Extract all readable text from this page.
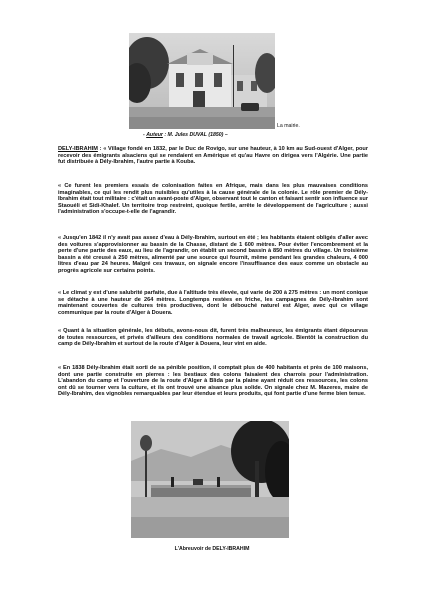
La mairie.
- Auteur : M. Jules DUVAL (1850) –
DELY-IBRAHIM : « Village fondé en 1832, par le Duc de Rovigo, sur une hauteur, à 10 km au Sud-ouest d'Alger, pour recevoir des émigrants alsaciens qui se rendaient en Amérique et qu'au Havre on dirigea vers l'Algérie. Une partie fut distribuée à Dély-Ibrahim, l'autre partie à Kouba.
« Ce furent les premiers essais de colonisation faites en Afrique, mais dans les plus mauvaises conditions imaginables, ce qui les rendit plus nuisibles qu'utiles à la cause générale de la colonie. Le rôle premier de Dély-Ibrahim était tout militaire : c'était un avant-poste d'Alger, observant tout le canton et faisant sentir son influence sur Staouéli et Sidi-Khalef. Un territoire trop restreint, quoique fertile, arrête le développement de l'agriculture ; aussi l'administration s'occupe-t-elle de l'agrandir.
« Jusqu'en 1842 il n'y avait pas assez d'eau à Dély-Ibrahim, surtout en été ; les habitants étaient obligés d'aller avec des voitures s'approvisionner au bassin de la Chasse, distant de 1 600 mètres. Pour éviter l'encombrement et la perte d'une partie des eaux, au lieu de l'agrandir, on établit un second bassin à 850 mètres du village. Un troisième bassin a été creusé à 250 mètres, alimenté par une source qui fournit, même pendant les grandes chaleurs, 4 000 litres d'eau par 24 heures. Malgré ces travaux, on signale encore l'insuffisance des eaux comme un obstacle au progrès agricole sur certains points.
« Le climat y est d'une salubrité parfaite, due à l'altitude très élevée, qui varie de 200 à 275 mètres : un mont conique se détache à une hauteur de 264 mètres. Longtemps restées en friche, les campagnes de Dély-Ibrahim sont maintenant couvertes de cultures très productives, dont le débouché naturel est Alger, avec qui ce village communique par la route d'Alger à Douera.
« Quant à la situation générale, les débuts, avons-nous dit, furent très malheureux, les émigrants étant dépourvus de toutes ressources, et privés d'ailleurs des conditions normales de travail agricole. Bientôt la construction du camp de Dély-Ibrahim et surtout de la route d'Alger à Douera, leur vint en aide.
« En 1838 Dély-Ibrahim était sorti de sa pénible position, il comptait plus de 400 habitants et près de 100 maisons, dont une partie construite en pierres : les bestiaux des colons faisaient des charrois pour l'administration. L'abandon du camp et l'ouverture de la route d'Alger à Blida par la plaine ayant réduit ces ressources, les colons ont dû se tourner vers la culture, et ils ont trouvé une aisance plus solide. On signale chez M. Mazeres, maire de Dély-Ibrahim, des vignobles remarquables par leur étendue et leurs produits, qui font partie d'une ferme bien tenue.
L'Abreuvoir de DELY-IBRAHIM
